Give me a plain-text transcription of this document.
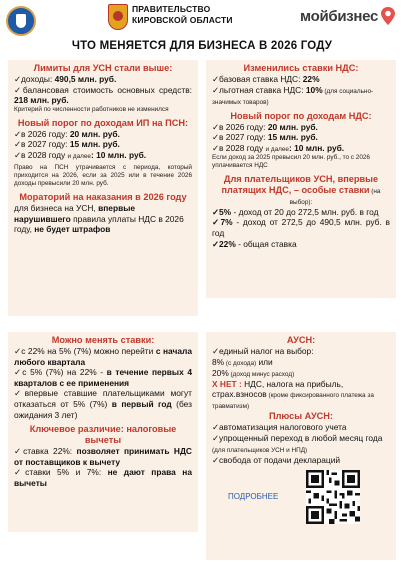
ПРАВИТЕЛЬСТВО
КИРОВСКОЙ ОБЛАСТИ	мойбизнес
ЧТО МЕНЯЕТСЯ ДЛЯ БИЗНЕСА В 2026 ГОДУ
Лимиты для УСН стали выше:

✓доходы: 490,5 млн. руб.

✓балансовая стоимость основных средств: 218 млн. руб.

Критерий по численности работников не изменился

Новый порог по доходам ИП на ПСН:

✓в 2026 году: 20 млн. руб.

✓в 2027 году: 15 млн. руб.

✓в 2028 году и далее: 10 млн. руб.

Право на ПСН утрачивается с периода, который приходится на 2026, если за 2025 или в течение 2026 доходы превысили 20 млн. руб.

Мораторий на наказания в 2026 году

для бизнеса на УСН, впервые нарушившего правила уплаты НДС в 2026 году, не будет штрафов

Изменились ставки НДС:

✓базовая ставка НДС: 22%

✓льготная ставка НДС: 10% (для социально-значимых товаров)

Новый порог по доходам НДС:

✓в 2026 году: 20 млн. руб.

✓в 2027 году: 15 млн. руб.

✓в 2028 году и далее: 10 млн. руб.

Если доход за 2025 превысил 20 млн. руб., то с 2026 уплачивается НДС

Для плательщиков УСН, впервые платящих НДС, – особые ставки (на выбор):

✓5% - доход от 20 до 272,5 млн. руб. в год

✓7% - доход от 272,5 до 490,5 млн. руб. в год

✓22% - общая ставка

Можно менять ставки:

✓с 22% на 5% (7%) можно перейти с начала любого квартала

✓с 5% (7%) на 22% - в течение первых 4 кварталов с ее применения

✓впервые ставшие плательщиками могут отказаться от 5% (7%) в первый год (без ожидания 3 лет)

Ключевое различие: налоговые вычеты

✓ставка 22%: позволяет принимать НДС от поставщиков к вычету

✓ставки 5% и 7%: не дают права на вычеты

АУСН:

✓единый налог на выбор:

8% (с дохода) или

20% (доход минус расход)

Х НЕТ : НДС, налога на прибыль, страх.взносов (кроме фиксированного платежа за травматизм)

Плюсы АУСН:

✓автоматизация налогового учета

✓упрощенный переход в любой месяц года (для плательщиков УСН и НПД)

✓свобода от подачи деклараций

ПОДРОБНЕЕ
